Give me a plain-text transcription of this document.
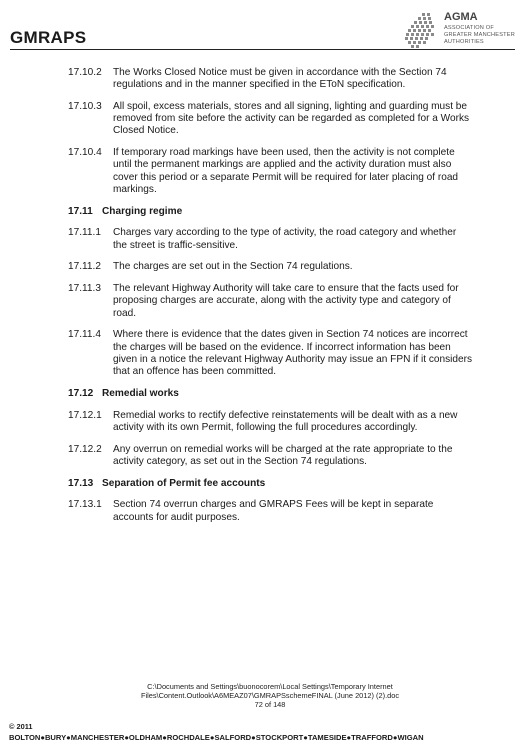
GMRAPS
AGMA
ASSOCIATION OF
GREATER MANCHESTER
AUTHORITIES
17.10.2 The Works Closed Notice must be given in accordance with the Section 74 regulations and in the manner specified in the EToN specification.
17.10.3 All spoil, excess materials, stores and all signing, lighting and guarding must be removed from site before the activity can be regarded as completed for a Works Closed Notice.
17.10.4 If temporary road markings have been used, then the activity is not complete until the permanent markings are applied and the activity duration must also cover this period or a separate Permit will be required for later placing of road markings.
17.11 Charging regime
17.11.1 Charges vary according to the type of activity, the road category and whether the street is traffic-sensitive.
17.11.2 The charges are set out in the Section 74 regulations.
17.11.3 The relevant Highway Authority will take care to ensure that the facts used for proposing charges are accurate, along with the activity type and category of road.
17.11.4 Where there is evidence that the dates given in Section 74 notices are incorrect the charges will be based on the evidence. If incorrect information has been given in a notice the relevant Highway Authority may issue an FPN if it considers that an offence has been committed.
17.12 Remedial works
17.12.1 Remedial works to rectify defective reinstatements will be dealt with as a new activity with its own Permit, following the full procedures accordingly.
17.12.2 Any overrun on remedial works will be charged at the rate appropriate to the activity category, as set out in the Section 74 regulations.
17.13 Separation of Permit fee accounts
17.13.1 Section 74 overrun charges and GMRAPS Fees will be kept in separate accounts for audit purposes.
C:\Documents and Settings\buonocorem\Local Settings\Temporary Internet
Files\Content.Outlook\A6MEAZ07\GMRAPSschemeFINAL (June 2012) (2).doc
72 of 148
© 2011
BOLTON●BURY●MANCHESTER●OLDHAM●ROCHDALE●SALFORD●STOCKPORT●TAMESIDE●TRAFFORD●WIGAN
